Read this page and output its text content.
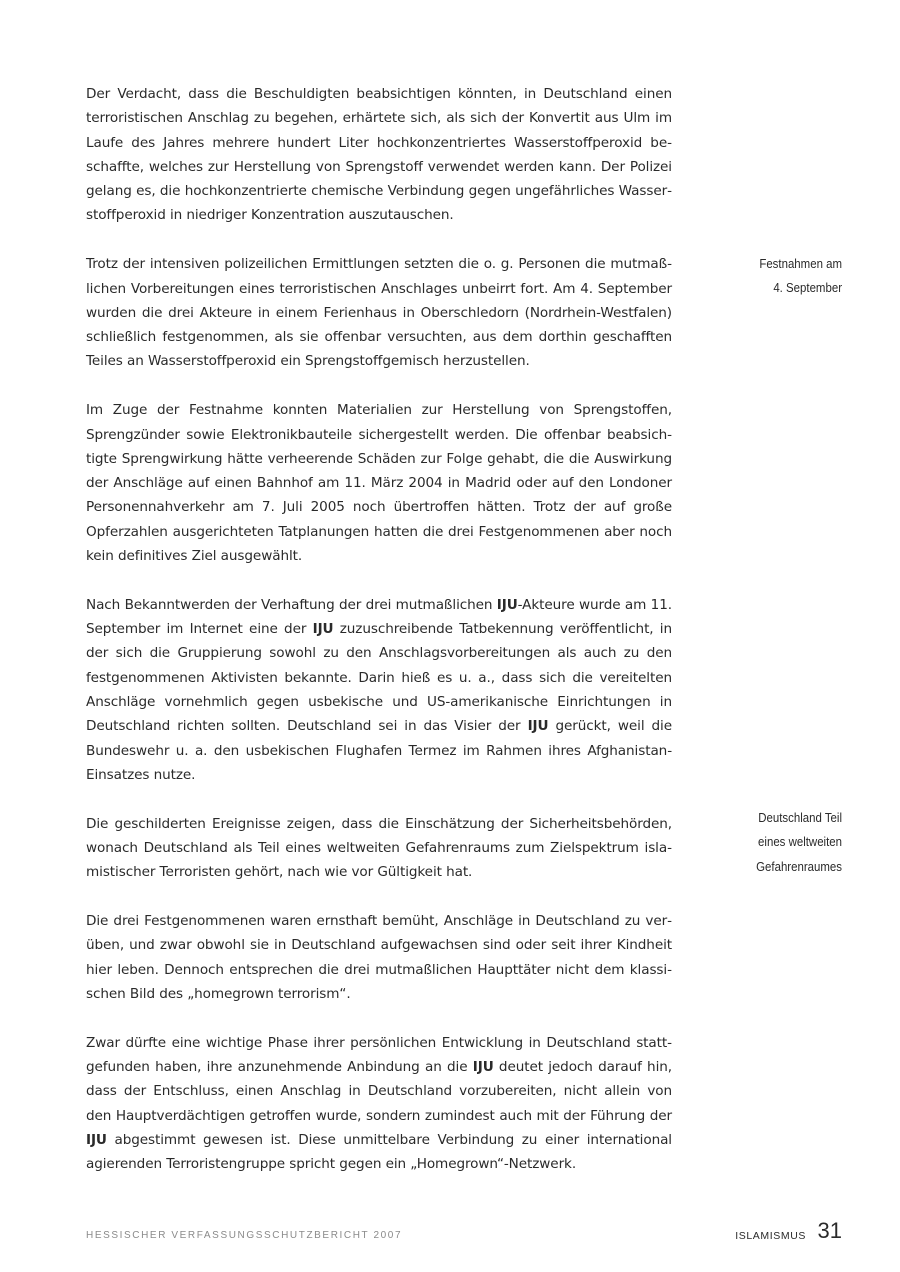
Der Verdacht, dass die Beschuldigten beabsichtigen könnten, in Deutschland einen terroristischen Anschlag zu begehen, erhärtete sich, als sich der Konvertit aus Ulm im Laufe des Jahres mehrere hundert Liter hochkonzentriertes Wasserstoffperoxid beschaffte, welches zur Herstellung von Sprengstoff verwendet werden kann. Der Polizei gelang es, die hochkonzentrierte chemische Verbindung gegen ungefährliches Wasserstoffperoxid in niedriger Konzentration auszutauschen.

Trotz der intensiven polizeilichen Ermittlungen setzten die o. g. Personen die mutmaßlichen Vorbereitungen eines terroristischen Anschlages unbeirrt fort. Am 4. September wurden die drei Akteure in einem Ferienhaus in Oberschledorn (Nordrhein-Westfalen) schließlich festgenommen, als sie offenbar versuchten, aus dem dorthin geschafften Teiles an Wasserstoffperoxid ein Sprengstoffgemisch herzustellen.

Im Zuge der Festnahme konnten Materialien zur Herstellung von Sprengstoffen, Sprengzünder sowie Elektronikbauteile sichergestellt werden. Die offenbar beabsichtigte Sprengwirkung hätte verheerende Schäden zur Folge gehabt, die die Auswirkung der Anschläge auf einen Bahnhof am 11. März 2004 in Madrid oder auf den Londoner Personennahverkehr am 7. Juli 2005 noch übertroffen hätten. Trotz der auf große Opferzahlen ausgerichteten Tatplanungen hatten die drei Festgenommenen aber noch kein definitives Ziel ausgewählt.

Nach Bekanntwerden der Verhaftung der drei mutmaßlichen IJU-Akteure wurde am 11. September im Internet eine der IJU zuzuschreibende Tatbekennung veröffentlicht, in der sich die Gruppierung sowohl zu den Anschlagsvorbereitungen als auch zu den festgenommenen Aktivisten bekannte. Darin hieß es u. a., dass sich die vereitelten Anschläge vornehmlich gegen usbekische und US-amerikanische Einrichtungen in Deutschland richten sollten. Deutschland sei in das Visier der IJU gerückt, weil die Bundeswehr u. a. den usbekischen Flughafen Termez im Rahmen ihres Afghanistan-Einsatzes nutze.

Die geschilderten Ereignisse zeigen, dass die Einschätzung der Sicherheitsbehörden, wonach Deutschland als Teil eines weltweiten Gefahrenraums zum Zielspektrum islamistischer Terroristen gehört, nach wie vor Gültigkeit hat.

Die drei Festgenommenen waren ernsthaft bemüht, Anschläge in Deutschland zu verüben, und zwar obwohl sie in Deutschland aufgewachsen sind oder seit ihrer Kindheit hier leben. Dennoch entsprechen die drei mutmaßlichen Haupttäter nicht dem klassischen Bild des „homegrown terrorism“.

Zwar dürfte eine wichtige Phase ihrer persönlichen Entwicklung in Deutschland stattgefunden haben, ihre anzunehmende Anbindung an die IJU deutet jedoch darauf hin, dass der Entschluss, einen Anschlag in Deutschland vorzubereiten, nicht allein von den Hauptverdächtigen getroffen wurde, sondern zumindest auch mit der Führung der IJU abgestimmt gewesen ist. Diese unmittelbare Verbindung zu einer international agierenden Terroristengruppe spricht gegen ein „Homegrown“-Netzwerk.

Festnahmen am
4. September
Deutschland Teil
eines weltweiten
Gefahrenraumes
HESSISCHER VERFASSUNGSSCHUTZBERICHT 2007	ISLAMISMUS 31
